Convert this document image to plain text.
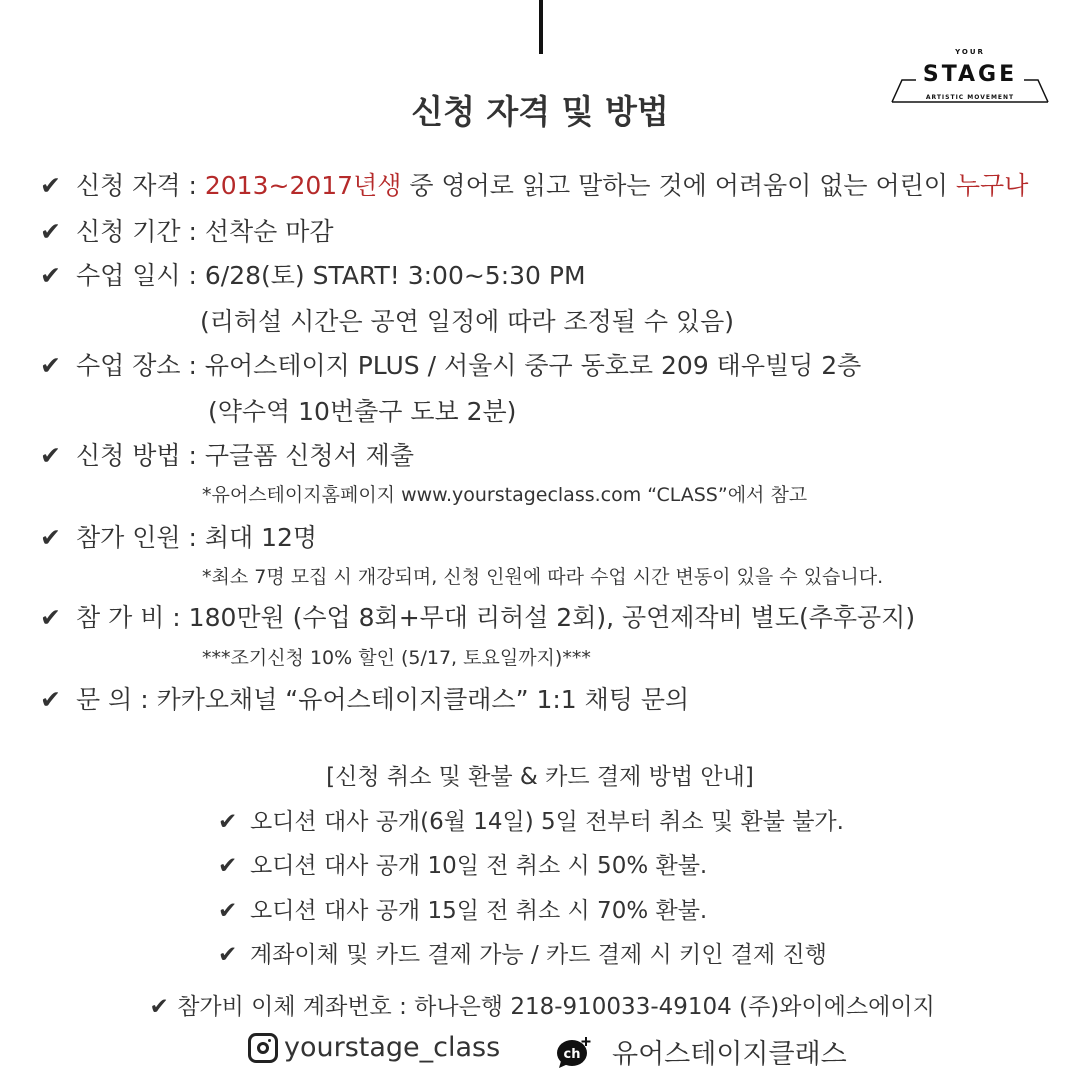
YOUR
STAGE
ARTISTIC MOVEMENT
신청 자격 및 방법
✔ 신청 자격 : 2013~2017년생 중 영어로 읽고 말하는 것에 어려움이 없는 어린이 누구나
✔ 신청 기간 : 선착순 마감
✔ 수업 일시 : 6/28(토) START! 3:00~5:30 PM
(리허설 시간은 공연 일정에 따라 조정될 수 있음)
✔ 수업 장소 : 유어스테이지 PLUS / 서울시 중구 동호로 209 태우빌딩 2층
(약수역 10번출구 도보 2분)
✔ 신청 방법 : 구글폼 신청서 제출
*유어스테이지홈페이지 www.yourstageclass.com “CLASS”에서 참고
✔ 참가 인원 : 최대 12명
*최소 7명 모집 시 개강되며, 신청 인원에 따라 수업 시간 변동이 있을 수 있습니다.
✔ 참 가 비 : 180만원 (수업 8회+무대 리허설 2회), 공연제작비 별도(추후공지)
***조기신청 10% 할인 (5/17, 토요일까지)***
✔ 문 의 : 카카오채널 “유어스테이지클래스” 1:1 채팅 문의
[신청 취소 및 환불 & 카드 결제 방법 안내]
✔ 오디션 대사 공개(6월 14일) 5일 전부터 취소 및 환불 불가.
✔ 오디션 대사 공개 10일 전 취소 시 50% 환불.
✔ 오디션 대사 공개 15일 전 취소 시 70% 환불.
✔ 계좌이체 및 카드 결제 가능 / 카드 결제 시 키인 결제 진행
✔ 참가비 이체 계좌번호 : 하나은행 218-910033-49104 (주)와이에스에이지
yourstage_class	ch 유어스테이지클래스
